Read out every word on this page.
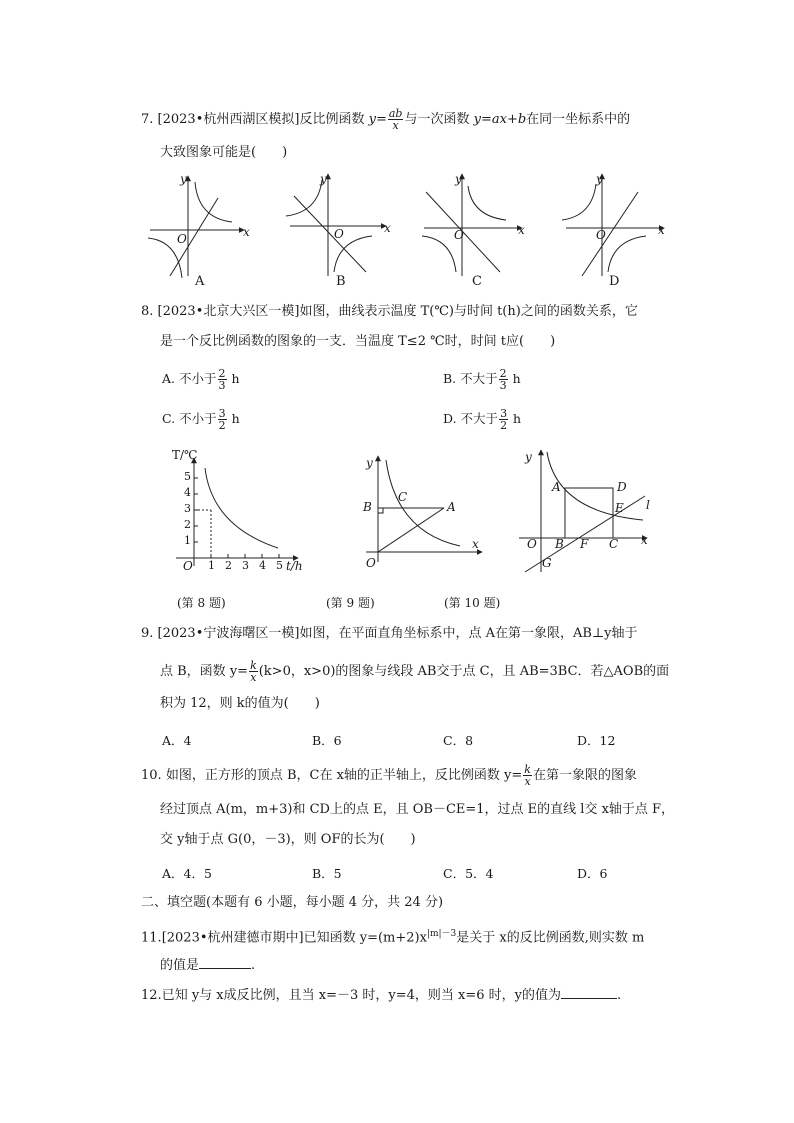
7. [2023•杭州西湖区模拟]反比例函数 $y= \frac{ab}{x}$ 与一次函数 y=ax+b在同一坐标系中的
大致图象可能是(　　)
y
x
O
y
x
O
y
x
O
y
x
O
A	B	C	D
8. [2023•北京大兴区一模]如图，曲线表示温度 T(℃)与时间 t(h)之间的函数关系，它
是一个反比例函数的图象的一支．当温度 T≤2 ℃时，时间 t应(　　)
A. 不小于 $\frac{2}{3}$ h	B. 不大于 $\frac{2}{3}$ h
C. 不小于 $\frac{3}{2}$ h	D. 不大于 $\frac{3}{2}$ h
T/℃
5
4
3
2
1
O 1 2 3 4 5 t/h
(第 8 题)
y
B
C
A
O
x
(第 9 题)
y
A	D
E l
O B F C x
G
(第 10 题)
9. [2023•宁波海曙区一模]如图，在平面直角坐标系中，点 A在第一象限，AB⊥y轴于
点 B，函数 $y= \frac{k}{x} (k>0$，x>0)的图象与线段 AB交于点 C，且 AB=3BC．若△AOB的面
积为 12，则 k的值为(　　)
A．4	B．6	C．8	D．12
10. 如图，正方形的顶点 B，C在 x轴的正半轴上，反比例函数 $y= \frac{k}{x}$ 在第一象限的图象
经过顶点 A(m，m+3)和 CD上的点 E，且 OB－CE=1，过点 E的直线 l交 x轴于点 F，
交 y轴于点 G(0，－3)，则 OF的长为(　　)
A．4．5	B．5	C．5．4	D．6
二、填空题(本题有 6 小题，每小题 4 分，共 24 分)
11.[2023•杭州建德市期中]已知函数 $y=(m+2)x^{|m|-3}$是关于 x的反比例函数,则实数 m
的值是	.
12.已知 y与 x成反比例，且当 x=－3 时，y=4，则当 x=6 时，y的值为	.
